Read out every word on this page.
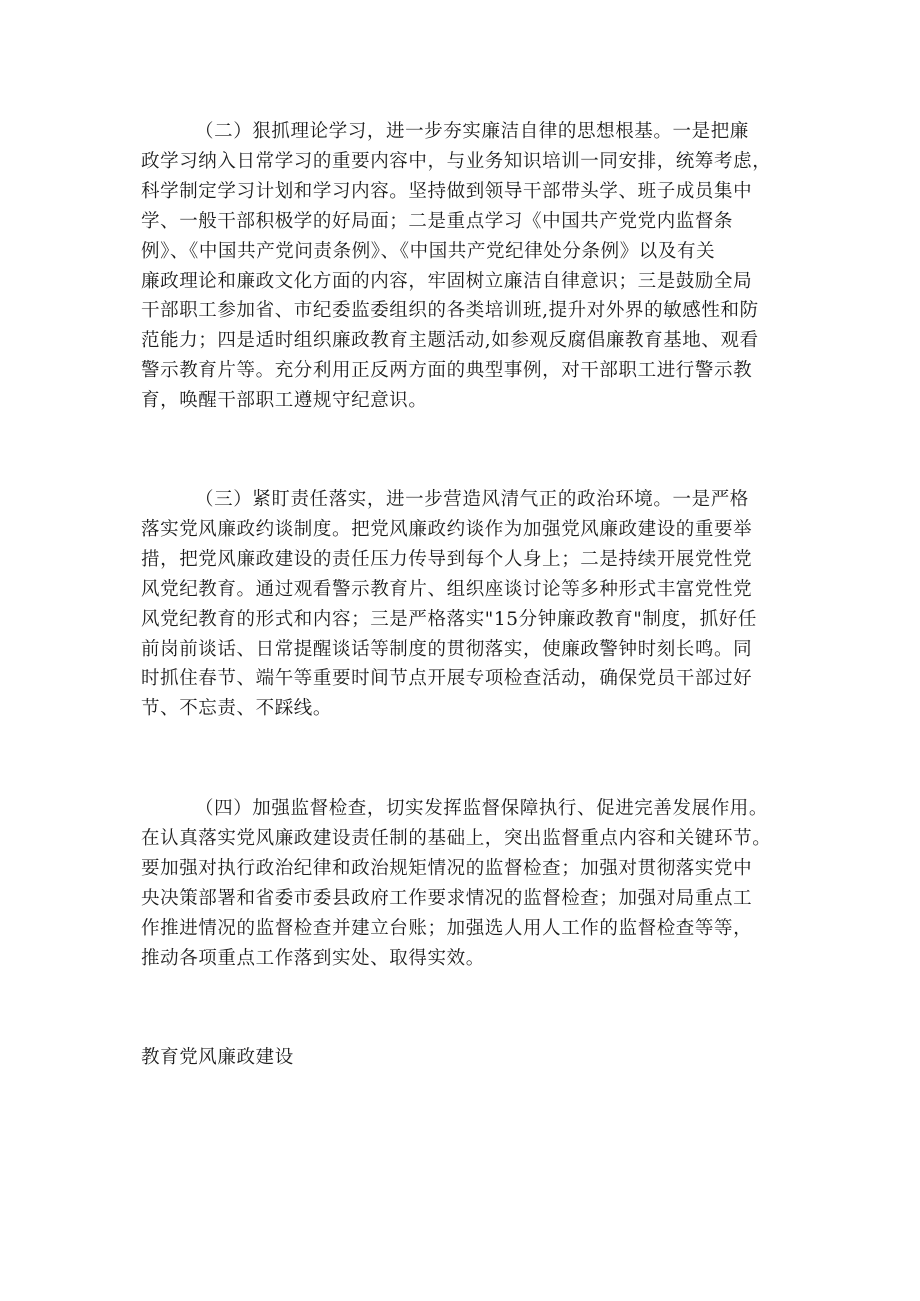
（二）狠抓理论学习，进一步夯实廉洁自律的思想根基。一是把廉
政学习纳入日常学习的重要内容中，与业务知识培训一同安排，统筹考虑，
科学制定学习计划和学习内容。坚持做到领导干部带头学、班子成员集中
学、一般干部积极学的好局面；二是重点学习《中国共产党党内监督条
例》、《中国共产党问责条例》、《中国共产党纪律处分条例》以及有关
廉政理论和廉政文化方面的内容，牢固树立廉洁自律意识；三是鼓励全局
干部职工参加省、市纪委监委组织的各类培训班,提升对外界的敏感性和防
范能力；四是适时组织廉政教育主题活动,如参观反腐倡廉教育基地、观看
警示教育片等。充分利用正反两方面的典型事例，对干部职工进行警示教
育，唤醒干部职工遵规守纪意识。
（三）紧盯责任落实，进一步营造风清气正的政治环境。一是严格
落实党风廉政约谈制度。把党风廉政约谈作为加强党风廉政建设的重要举
措，把党风廉政建设的责任压力传导到每个人身上；二是持续开展党性党
风党纪教育。通过观看警示教育片、组织座谈讨论等多种形式丰富党性党
风党纪教育的形式和内容；三是严格落实"15分钟廉政教育"制度，抓好任
前岗前谈话、日常提醒谈话等制度的贯彻落实，使廉政警钟时刻长鸣。同
时抓住春节、端午等重要时间节点开展专项检查活动，确保党员干部过好
节、不忘责、不踩线。
（四）加强监督检查，切实发挥监督保障执行、促进完善发展作用。
在认真落实党风廉政建设责任制的基础上，突出监督重点内容和关键环节。
要加强对执行政治纪律和政治规矩情况的监督检查；加强对贯彻落实党中
央决策部署和省委市委县政府工作要求情况的监督检查；加强对局重点工
作推进情况的监督检查并建立台账；加强选人用人工作的监督检查等等，
推动各项重点工作落到实处、取得实效。
教育党风廉政建设
